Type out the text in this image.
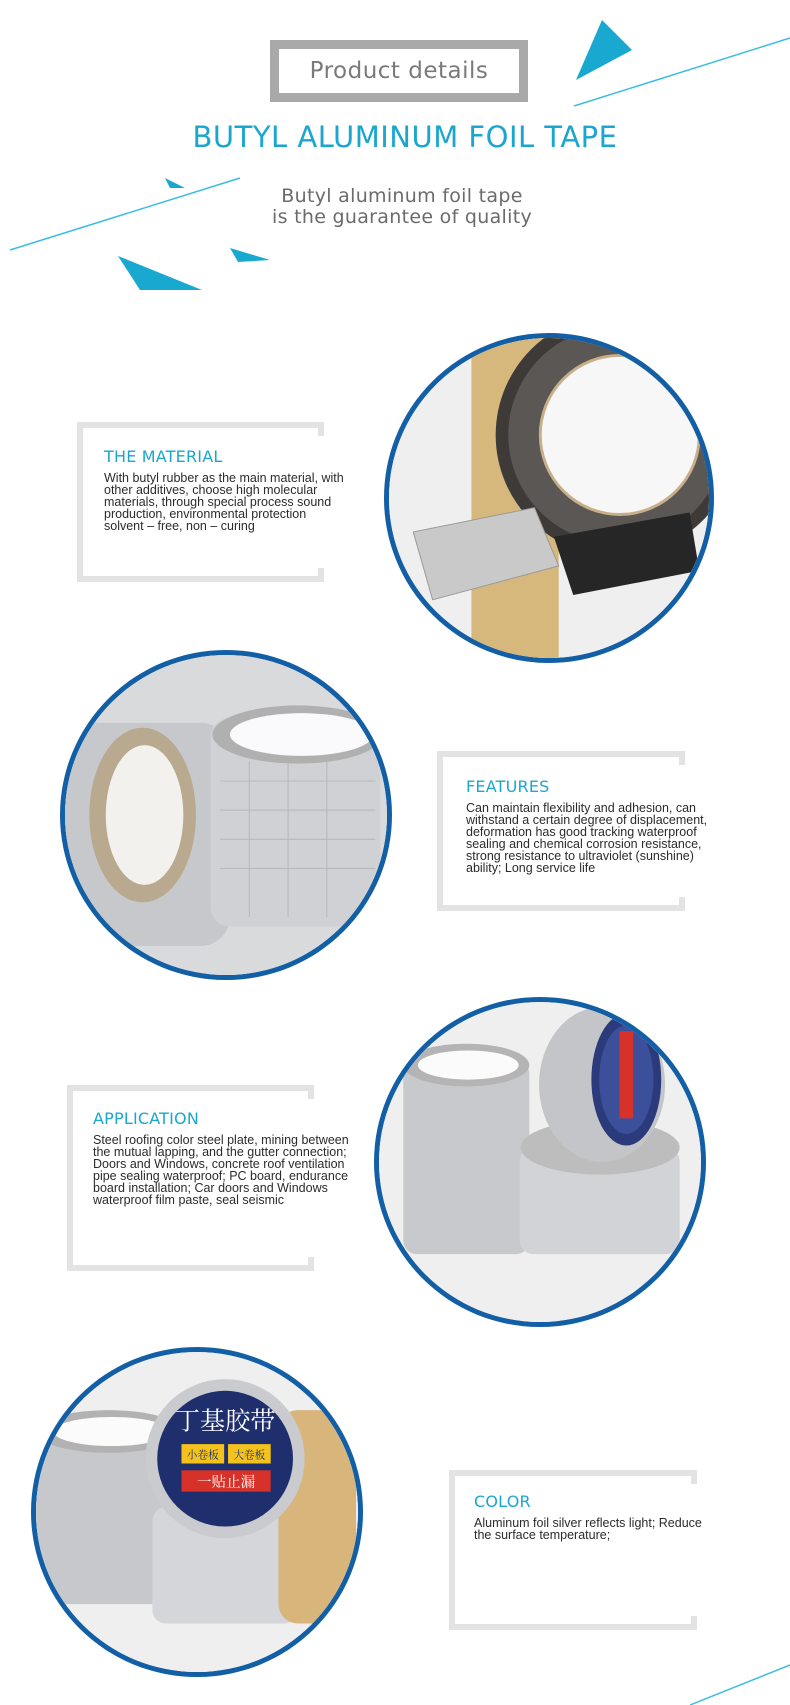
Product details
BUTYL ALUMINUM FOIL TAPE
Butyl aluminum foil tape
is the guarantee of quality
THE MATERIAL

With butyl rubber as the main material, with other additives, choose high molecular materials, through special process sound production, environmental protection solvent – free, non – curing

FEATURES

Can maintain flexibility and adhesion, can withstand a certain degree of displacement, deformation has good tracking waterproof sealing and chemical corrosion resistance, strong resistance to ultraviolet (sunshine) ability; Long service life

APPLICATION

Steel roofing color steel plate, mining between the mutual lapping, and the gutter connection; Doors and Windows, concrete roof ventilation pipe sealing waterproof; PC board, endurance board installation; Car doors and Windows waterproof film paste, seal seismic

丁基胶带
小卷板 大卷板
一贴止漏
COLOR

Aluminum foil silver reflects light; Reduce the surface temperature;
